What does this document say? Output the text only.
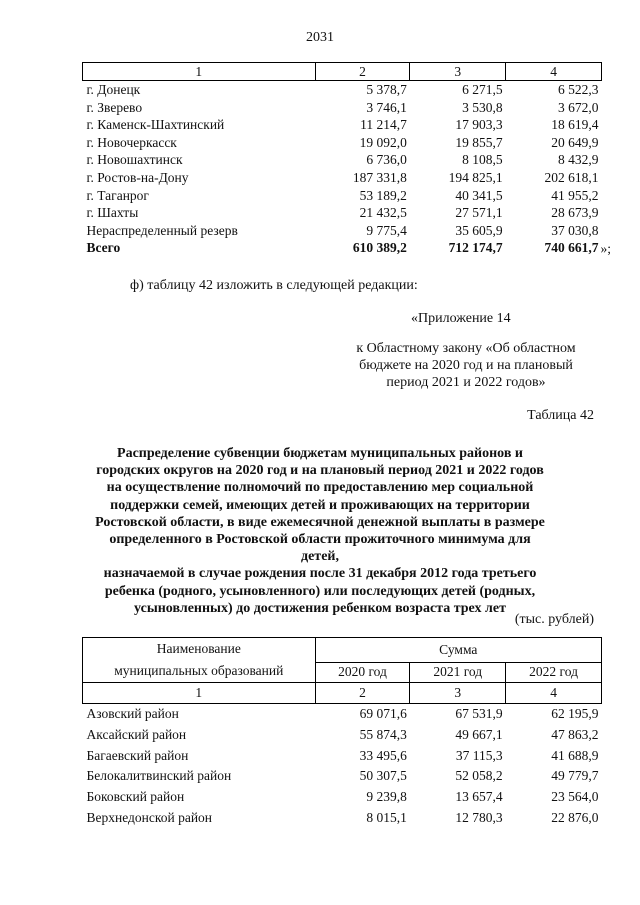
2031
1	2	3	4
г. Донецк	5 378,7	6 271,5	6 522,3
г. Зверево	3 746,1	3 530,8	3 672,0
г. Каменск-Шахтинский	11 214,7	17 903,3	18 619,4
г. Новочеркасск	19 092,0	19 855,7	20 649,9
г. Новошахтинск	6 736,0	8 108,5	8 432,9
г. Ростов-на-Дону	187 331,8	194 825,1	202 618,1
г. Таганрог	53 189,2	40 341,5	41 955,2
г. Шахты	21 432,5	27 571,1	28 673,9
Нераспределенный резерв	9 775,4	35 605,9	37 030,8
Всего	610 389,2	712 174,7	740 661,7 »;
ф) таблицу 42 изложить в следующей редакции:
«Приложение 14
к Областному закону «Об областном
бюджете на 2020 год и на плановый
период 2021 и 2022 годов»
Таблица 42
Распределение субвенции бюджетам муниципальных районов и
городских округов на 2020 год и на плановый период 2021 и 2022 годов
на осуществление полномочий по предоставлению мер социальной
поддержки семей, имеющих детей и проживающих на территории
Ростовской области, в виде ежемесячной денежной выплаты в размере
определенного в Ростовской области прожиточного минимума для детей,
назначаемой в случае рождения после 31 декабря 2012 года третьего
ребенка (родного, усыновленного) или последующих детей (родных,
усыновленных) до достижения ребенком возраста трех лет
(тыс. рублей)
Наименование
муниципальных образований	Сумма		
	2020 год	2021 год	2022 год
1	2	3	4
Азовский район	69 071,6	67 531,9	62 195,9
Аксайский район	55 874,3	49 667,1	47 863,2
Багаевский район	33 495,6	37 115,3	41 688,9
Белокалитвинский район	50 307,5	52 058,2	49 779,7
Боковский район	9 239,8	13 657,4	23 564,0
Верхнедонской район	8 015,1	12 780,3	22 876,0
